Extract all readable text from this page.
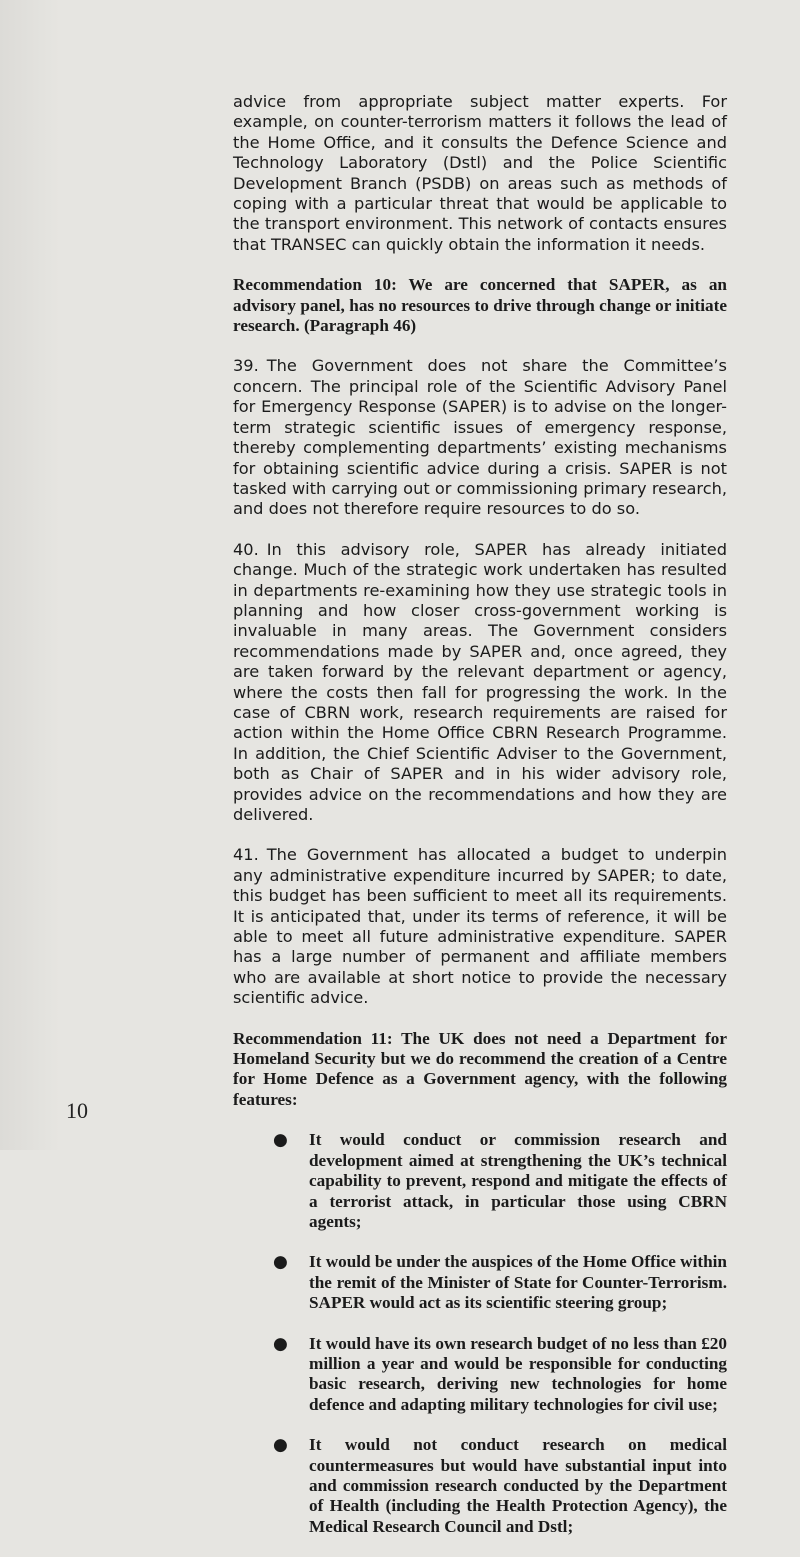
advice from appropriate subject matter experts. For example, on counter-terrorism matters it follows the lead of the Home Office, and it consults the Defence Science and Technology Laboratory (Dstl) and the Police Scientific Development Branch (PSDB) on areas such as methods of coping with a particular threat that would be applicable to the transport environment. This network of contacts ensures that TRANSEC can quickly obtain the information it needs.

Recommendation 10: We are concerned that SAPER, as an advisory panel, has no resources to drive through change or initiate research. (Paragraph 46)

39. The Government does not share the Committee’s concern. The principal role of the Scientific Advisory Panel for Emergency Response (SAPER) is to advise on the longer-term strategic scientific issues of emergency response, thereby complementing departments’ existing mechanisms for obtaining scientific advice during a crisis. SAPER is not tasked with carrying out or commissioning primary research, and does not therefore require resources to do so.

40. In this advisory role, SAPER has already initiated change. Much of the strategic work undertaken has resulted in departments re-examining how they use strategic tools in planning and how closer cross-government working is invaluable in many areas. The Government considers recommendations made by SAPER and, once agreed, they are taken forward by the relevant department or agency, where the costs then fall for progressing the work. In the case of CBRN work, research requirements are raised for action within the Home Office CBRN Research Programme. In addition, the Chief Scientific Adviser to the Government, both as Chair of SAPER and in his wider advisory role, provides advice on the recommendations and how they are delivered.

41. The Government has allocated a budget to underpin any administrative expenditure incurred by SAPER; to date, this budget has been sufficient to meet all its requirements. It is anticipated that, under its terms of reference, it will be able to meet all future administrative expenditure. SAPER has a large number of permanent and affiliate members who are available at short notice to provide the necessary scientific advice.

Recommendation 11: The UK does not need a Department for Homeland Security but we do recommend the creation of a Centre for Home Defence as a Government agency, with the following features:

● It would conduct or commission research and development aimed at strengthening the UK’s technical capability to prevent, respond and mitigate the effects of a terrorist attack, in particular those using CBRN agents;

● It would be under the auspices of the Home Office within the remit of the Minister of State for Counter-Terrorism. SAPER would act as its scientific steering group;

● It would have its own research budget of no less than £20 million a year and would be responsible for conducting basic research, deriving new technologies for home defence and adapting military technologies for civil use;

● It would not conduct research on medical countermeasures but would have substantial input into and commission research conducted by the Department of Health (including the Health Protection Agency), the Medical Research Council and Dstl;

10
